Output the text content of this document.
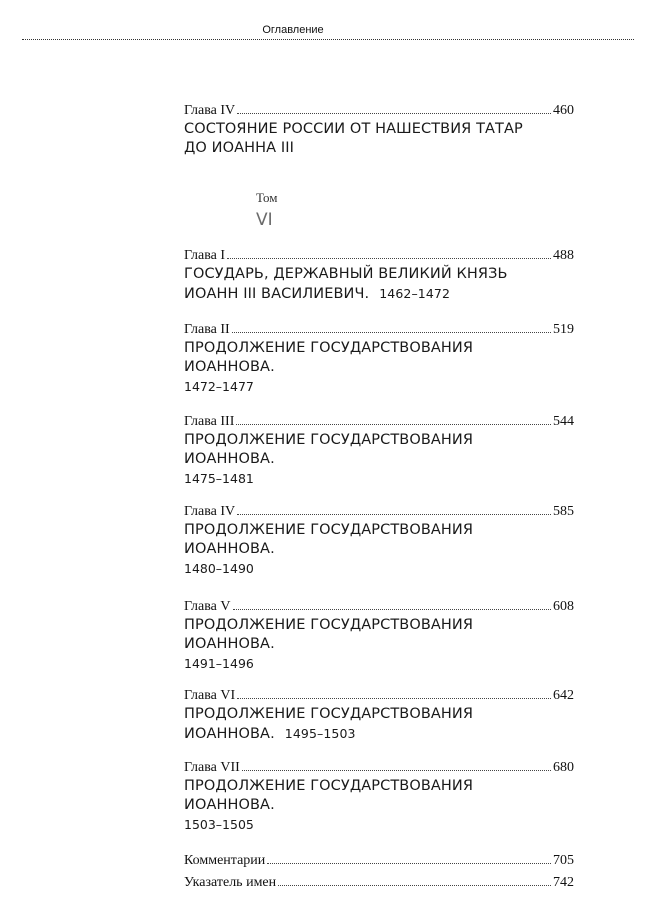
Оглавление
Том
VI
Глава IV	460
СОСТОЯНИЕ РОССИИ ОТ НАШЕСТВИЯ ТАТАР
ДО ИОАННА III
Глава I	488
ГОСУДАРЬ, ДЕРЖАВНЫЙ ВЕЛИКИЙ КНЯЗЬ
ИОАНН III ВАСИЛИЕВИЧ. 1462–1472
Глава II	519
ПРОДОЛЖЕНИЕ ГОСУДАРСТВОВАНИЯ
ИОАННОВА.
1472–1477
Глава III	544
ПРОДОЛЖЕНИЕ ГОСУДАРСТВОВАНИЯ
ИОАННОВА.
1475–1481
Глава IV	585
ПРОДОЛЖЕНИЕ ГОСУДАРСТВОВАНИЯ
ИОАННОВА.
1480–1490
Глава V	608
ПРОДОЛЖЕНИЕ ГОСУДАРСТВОВАНИЯ
ИОАННОВА.
1491–1496
Глава VI	642
ПРОДОЛЖЕНИЕ ГОСУДАРСТВОВАНИЯ
ИОАННОВА. 1495–1503
Глава VII	680
ПРОДОЛЖЕНИЕ ГОСУДАРСТВОВАНИЯ
ИОАННОВА.
1503–1505
Комментарии	705
Указатель имен	742
